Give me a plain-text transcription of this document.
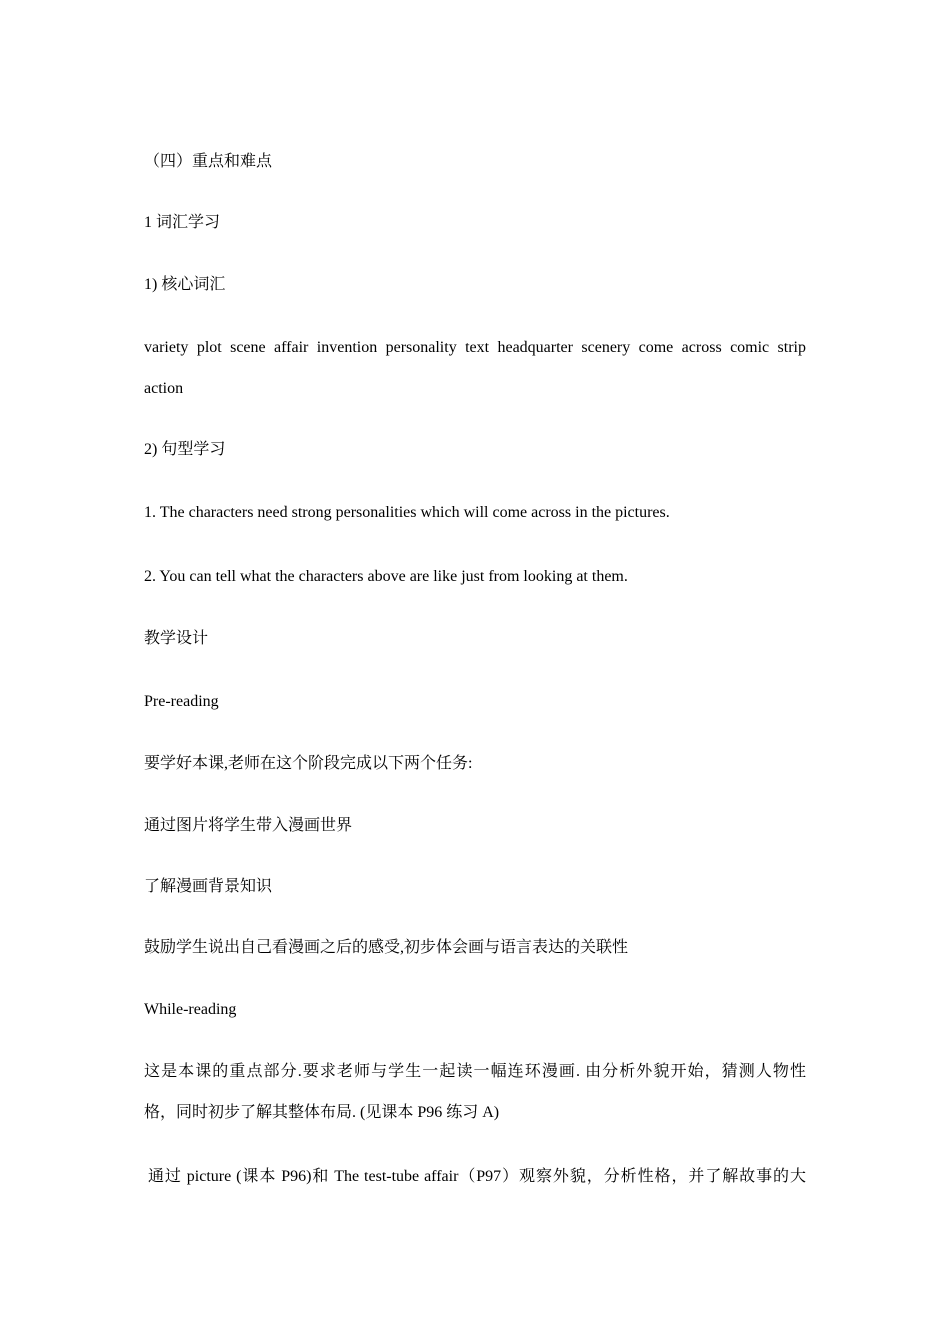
（四）重点和难点
1 词汇学习
1) 核心词汇
variety plot scene affair invention personality text headquarter scenery come across comic strip
action
2) 句型学习
1. The characters need strong personalities which will come across in the pictures.
2. You can tell what the characters above are like just from looking at them.
教学设计
Pre-reading
要学好本课,老师在这个阶段完成以下两个任务:
通过图片将学生带入漫画世界
了解漫画背景知识
鼓励学生说出自己看漫画之后的感受,初步体会画与语言表达的关联性
While-reading
这是本课的重点部分.要求老师与学生一起读一幅连环漫画. 由分析外貌开始，猜测人物性
格，同时初步了解其整体布局. (见课本 P96 练习 A)
通过 picture (课本 P96)和 The test-tube affair（P97）观察外貌，分析性格，并了解故事的大
